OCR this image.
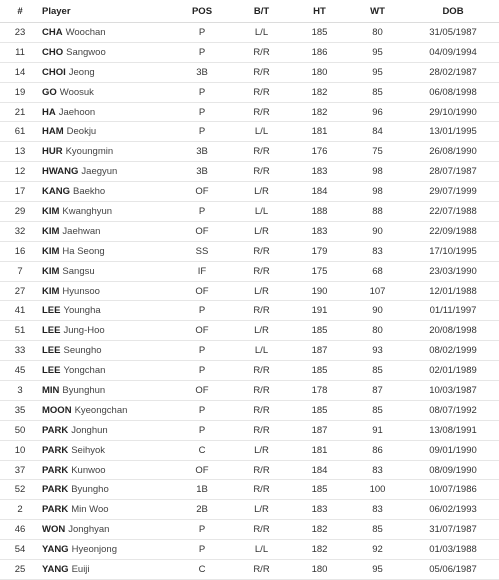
#	Player	POS	B/T	HT	WT	DOB
23	CHA Woochan	P	L/L	185	80	31/05/1987
11	CHO Sangwoo	P	R/R	186	95	04/09/1994
14	CHOI Jeong	3B	R/R	180	95	28/02/1987
19	GO Woosuk	P	R/R	182	85	06/08/1998
21	HA Jaehoon	P	R/R	182	96	29/10/1990
61	HAM Deokju	P	L/L	181	84	13/01/1995
13	HUR Kyoungmin	3B	R/R	176	75	26/08/1990
12	HWANG Jaegyun	3B	R/R	183	98	28/07/1987
17	KANG Baekho	OF	L/R	184	98	29/07/1999
29	KIM Kwanghyun	P	L/L	188	88	22/07/1988
32	KIM Jaehwan	OF	L/R	183	90	22/09/1988
16	KIM Ha Seong	SS	R/R	179	83	17/10/1995
7	KIM Sangsu	IF	R/R	175	68	23/03/1990
27	KIM Hyunsoo	OF	L/R	190	107	12/01/1988
41	LEE Youngha	P	R/R	191	90	01/11/1997
51	LEE Jung-Hoo	OF	L/R	185	80	20/08/1998
33	LEE Seungho	P	L/L	187	93	08/02/1999
45	LEE Yongchan	P	R/R	185	85	02/01/1989
3	MIN Byunghun	OF	R/R	178	87	10/03/1987
35	MOON Kyeongchan	P	R/R	185	85	08/07/1992
50	PARK Jonghun	P	R/R	187	91	13/08/1991
10	PARK Seihyok	C	L/R	181	86	09/01/1990
37	PARK Kunwoo	OF	R/R	184	83	08/09/1990
52	PARK Byungho	1B	R/R	185	100	10/07/1986
2	PARK Min Woo	2B	L/R	183	83	06/02/1993
46	WON Jonghyan	P	R/R	182	85	31/07/1987
54	YANG Hyeonjong	P	L/L	182	92	01/03/1988
25	YANG Euiji	C	R/R	180	95	05/06/1987
